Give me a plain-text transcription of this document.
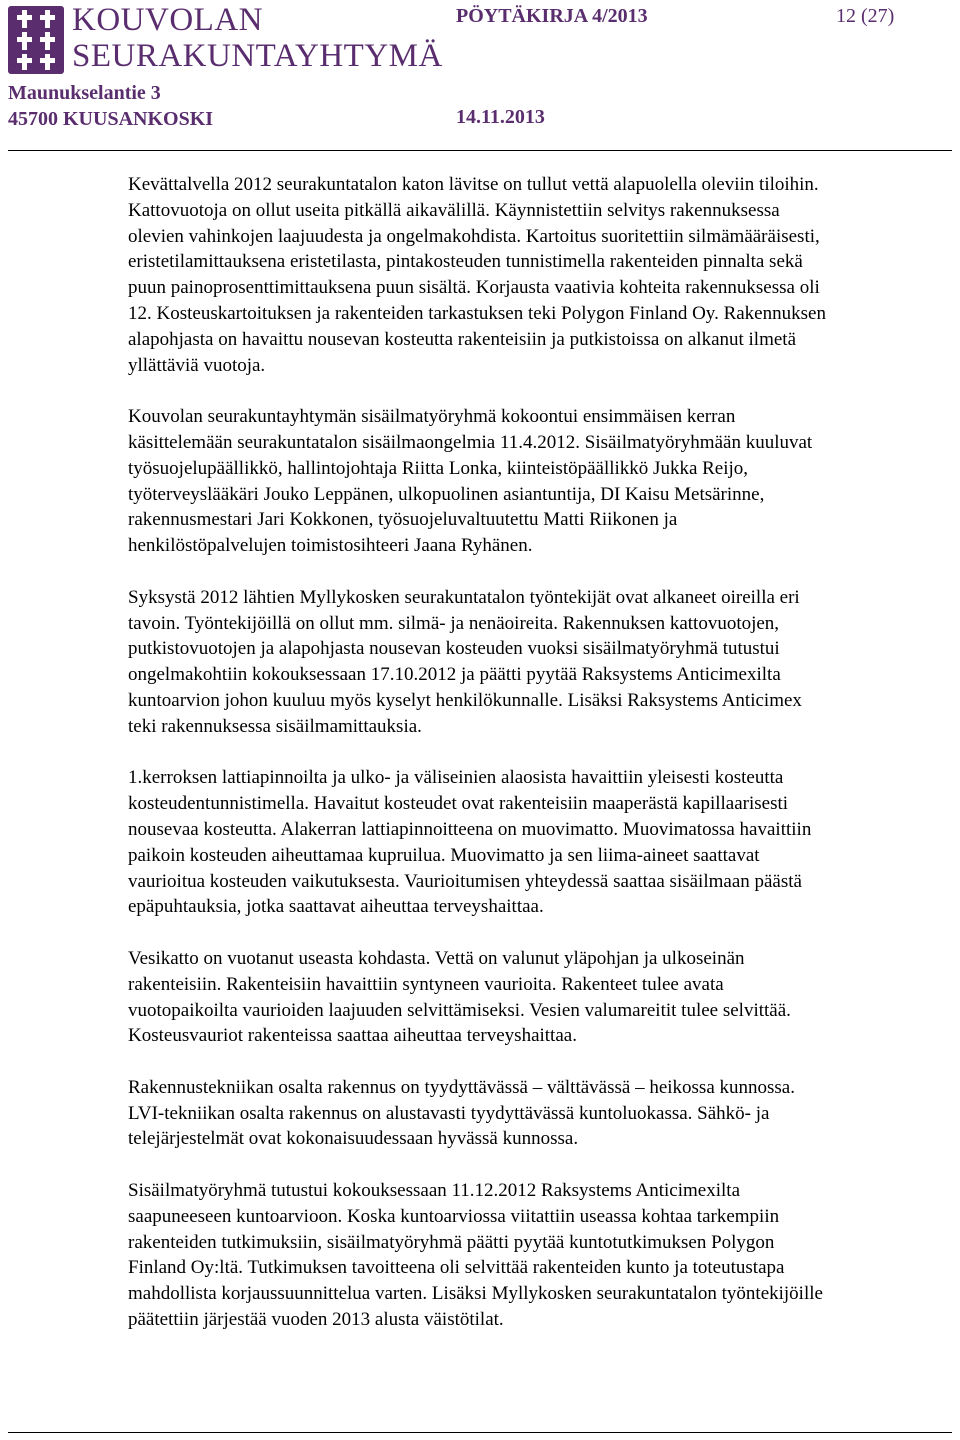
KOUVOLAN
SEURAKUNTAYHTYMÄ
Maunukselantie 3
45700 KUUSANKOSKI
PÖYTÄKIRJA 4/2013	12 (27)
14.11.2013

Kevättalvella 2012 seurakuntatalon katon lävitse on tullut vettä alapuolella oleviin tiloihin.
Kattovuotoja on ollut useita pitkällä aikavälillä. Käynnistettiin selvitys rakennuksessa
olevien vahinkojen laajuudesta ja ongelmakohdista. Kartoitus suoritettiin silmämääräisesti,
eristetilamittauksena eristetilasta, pintakosteuden tunnistimella rakenteiden pinnalta sekä
puun painoprosenttimittauksena puun sisältä. Korjausta vaativia kohteita rakennuksessa oli
12. Kosteuskartoituksen ja rakenteiden tarkastuksen teki Polygon Finland Oy. Rakennuksen
alapohjasta on havaittu nousevan kosteutta rakenteisiin ja putkistoissa on alkanut ilmetä
yllättäviä vuotoja.

Kouvolan seurakuntayhtymän sisäilmatyöryhmä kokoontui ensimmäisen kerran
käsittelemään seurakuntatalon sisäilmaongelmia 11.4.2012. Sisäilmatyöryhmään kuuluvat
työsuojelupäällikkö, hallintojohtaja Riitta Lonka, kiinteistöpäällikkö Jukka Reijo,
työterveyslääkäri Jouko Leppänen, ulkopuolinen asiantuntija, DI Kaisu Metsärinne,
rakennusmestari Jari Kokkonen, työsuojeluvaltuutettu Matti Riikonen ja
henkilöstöpalvelujen toimistosihteeri Jaana Ryhänen.

Syksystä 2012 lähtien Myllykosken seurakuntatalon työntekijät ovat alkaneet oireilla eri
tavoin. Työntekijöillä on ollut mm. silmä- ja nenäoireita. Rakennuksen kattovuotojen,
putkistovuotojen ja alapohjasta nousevan kosteuden vuoksi sisäilmatyöryhmä tutustui
ongelmakohtiin kokouksessaan 17.10.2012 ja päätti pyytää Raksystems Anticimexilta
kuntoarvion johon kuuluu myös kyselyt henkilökunnalle. Lisäksi Raksystems Anticimex
teki rakennuksessa sisäilmamittauksia.

1.kerroksen lattiapinnoilta ja ulko- ja väliseinien alaosista havaittiin yleisesti kosteutta
kosteudentunnistimella. Havaitut kosteudet ovat rakenteisiin maaperästä kapillaarisesti
nousevaa kosteutta. Alakerran lattiapinnoitteena on muovimatto. Muovimatossa havaittiin
paikoin kosteuden aiheuttamaa kupruilua. Muovimatto ja sen liima-aineet saattavat
vaurioitua kosteuden vaikutuksesta. Vaurioitumisen yhteydessä saattaa sisäilmaan päästä
epäpuhtauksia, jotka saattavat aiheuttaa terveyshaittaa.

Vesikatto on vuotanut useasta kohdasta. Vettä on valunut yläpohjan ja ulkoseinän
rakenteisiin. Rakenteisiin havaittiin syntyneen vaurioita. Rakenteet tulee avata
vuotopaikoilta vaurioiden laajuuden selvittämiseksi. Vesien valumareitit tulee selvittää.
Kosteusvauriot rakenteissa saattaa aiheuttaa terveyshaittaa.

Rakennustekniikan osalta rakennus on tyydyttävässä – välttävässä – heikossa kunnossa.
LVI-tekniikan osalta rakennus on alustavasti tyydyttävässä kuntoluokassa. Sähkö- ja
telejärjestelmät ovat kokonaisuudessaan hyvässä kunnossa.

Sisäilmatyöryhmä tutustui kokouksessaan 11.12.2012 Raksystems Anticimexilta
saapuneeseen kuntoarvioon. Koska kuntoarviossa viitattiin useassa kohtaa tarkempiin
rakenteiden tutkimuksiin, sisäilmatyöryhmä päätti pyytää kuntotutkimuksen Polygon
Finland Oy:ltä. Tutkimuksen tavoitteena oli selvittää rakenteiden kunto ja toteutustapa
mahdollista korjaussuunnittelua varten. Lisäksi Myllykosken seurakuntatalon työntekijöille
päätettiin järjestää vuoden 2013 alusta väistötilat.
